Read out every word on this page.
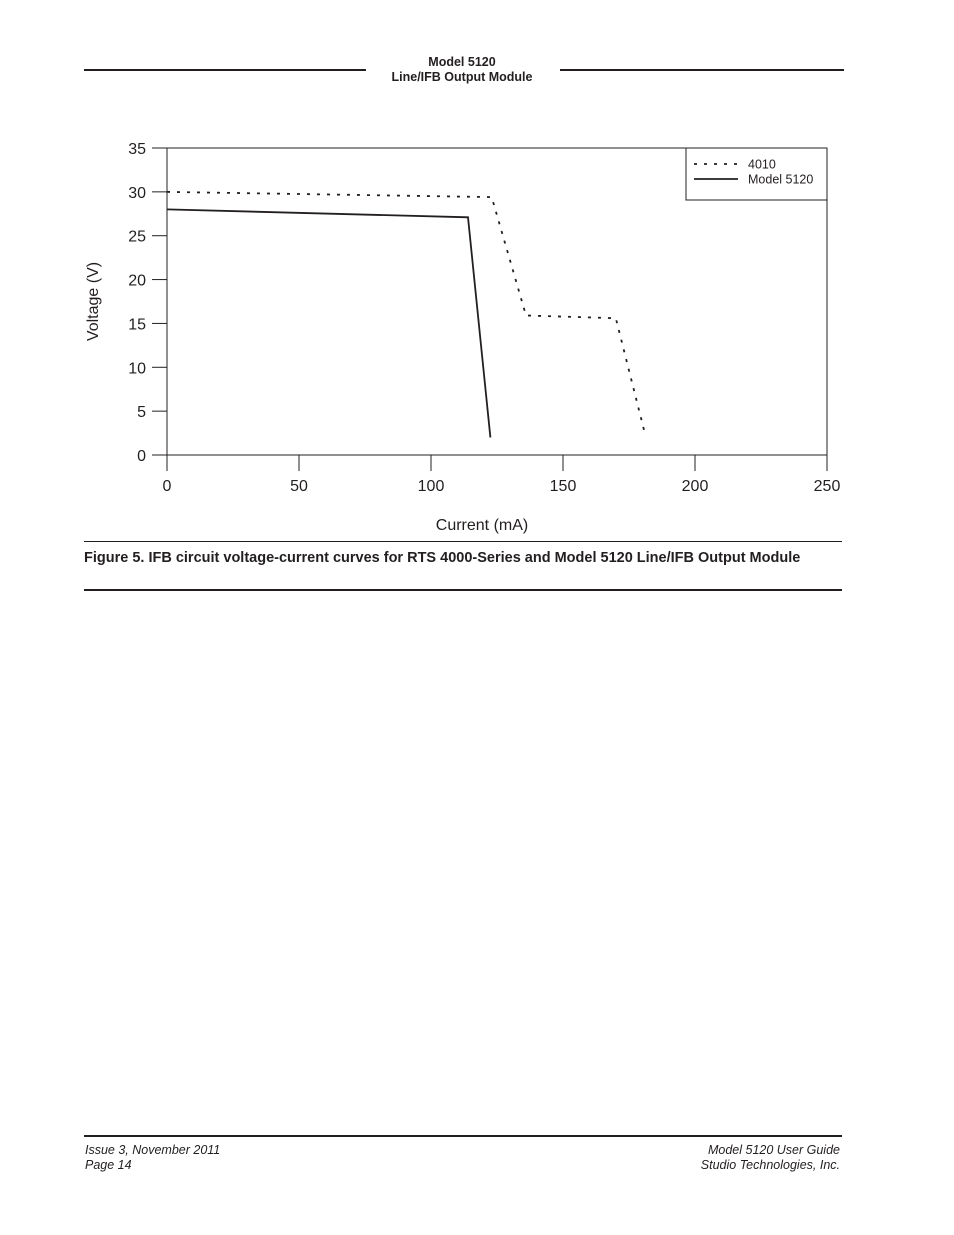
Model 5120
Line/IFB Output Module
0
5
10
15
20
25
30
35
0	50	100	150	200	250
Voltage (V)
Current (mA)
4010
Model 5120
Figure 5. IFB circuit voltage-current curves for RTS 4000-Series and Model 5120 Line/IFB Output Module
Issue 3, November 2011
Page 14
Model 5120 User Guide
Studio Technologies, Inc.
